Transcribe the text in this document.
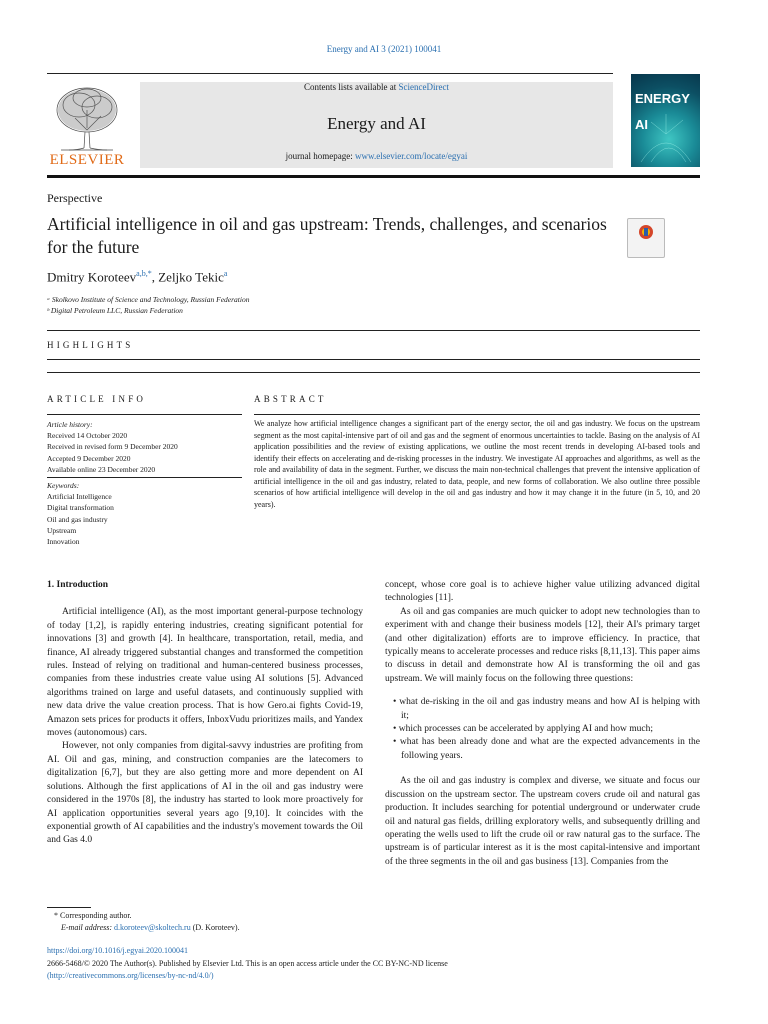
Energy and AI 3 (2021) 100041
Contents lists available at ScienceDirect
Energy and AI
journal homepage: www.elsevier.com/locate/egyai
ELSEVIER
ENERGY
AI
Perspective
Artificial intelligence in oil and gas upstream: Trends, challenges, and scenarios for the future
Dmitry Koroteev$^{a,b,*}$, Zeljko Tekic$^a$
ᵃ Skolkovo Institute of Science and Technology, Russian Federation
ᵇ Digital Petroleum LLC, Russian Federation
HIGHLIGHTS
ARTICLE INFO	ABSTRACT
Article history:
Received 14 October 2020
Received in revised form 9 December 2020
Accepted 9 December 2020
Available online 23 December 2020
Keywords:
Artificial Intelligence
Digital transformation
Oil and gas industry
Upstream
Innovation
We analyze how artificial intelligence changes a significant part of the energy sector, the oil and gas industry. We focus on the upstream segment as the most capital-intensive part of oil and gas and the segment of enormous uncertainties to tackle. Basing on the analysis of AI application possibilities and the review of existing applications, we outline the most recent trends in developing AI-based tools and identify their effects on accelerating and de-risking processes in the industry. We investigate AI approaches and algorithms, as well as the role and availability of data in the segment. Further, we discuss the main non-technical challenges that prevent the intensive application of artificial intelligence in the oil and gas industry, related to data, people, and new forms of collaboration. We also outline three possible scenarios of how artificial intelligence will develop in the oil and gas industry and how it may change it in the future (in 5, 10, and 20 years).

1. Introduction

Artificial intelligence (AI), as the most important general-purpose technology of today [1,2], is rapidly entering industries, creating significant potential for innovations [3] and growth [4]. In healthcare, transportation, retail, media, and finance, AI already triggered substantial changes and transformed the competition rules. Instead of relying on traditional and human-centered business processes, companies from these industries create value using AI solutions [5]. Advanced algorithms trained on large and useful datasets, and continuously supplied with new data drive the value creation process. That is how Gero.ai fights Covid-19, Amazon sets prices for products it offers, InboxVudu prioritizes mails, and Yandex moves (autonomous) cars.

However, not only companies from digital-savvy industries are profiting from AI. Oil and gas, mining, and construction companies are the latecomers to digitalization [6,7], but they are also getting more and more dependent on AI solutions. Although the first applications of AI in the oil and gas industry were considered in the 1970s [8], the industry has started to look more proactively for AI application opportunities several years ago [9,10]. It coincides with the exponential growth of AI capabilities and the industry's movement towards the Oil and Gas 4.0

concept, whose core goal is to achieve higher value utilizing advanced digital technologies [11].

As oil and gas companies are much quicker to adopt new technologies than to experiment with and change their business models [12], their AI's primary target (and other digitalization) efforts are to improve efficiency. In practice, that typically means to accelerate processes and reduce risks [8,11,13]. This paper aims to discuss in detail and demonstrate how AI is transforming the oil and gas upstream. We will mainly focus on the following three questions:

• what de-risking in the oil and gas industry means and how AI is helping with it;
• which processes can be accelerated by applying AI and how much;
• what has been already done and what are the expected advancements in the following years.

As the oil and gas industry is complex and diverse, we situate and focus our discussion on the upstream sector. The upstream covers crude oil and natural gas production. It includes searching for potential underground or underwater crude oil and natural gas fields, drilling exploratory wells, and subsequently drilling and operating the wells used to lift the crude oil or raw natural gas to the surface. The upstream is of particular interest as it is the most capital-intensive and important of the three segments in the oil and gas business [13]. Companies from the

* Corresponding author.
E-mail address: d.koroteev@skoltech.ru (D. Koroteev).
https://doi.org/10.1016/j.egyai.2020.100041
2666-5468/© 2020 The Author(s). Published by Elsevier Ltd. This is an open access article under the CC BY-NC-ND license
(http://creativecommons.org/licenses/by-nc-nd/4.0/)
